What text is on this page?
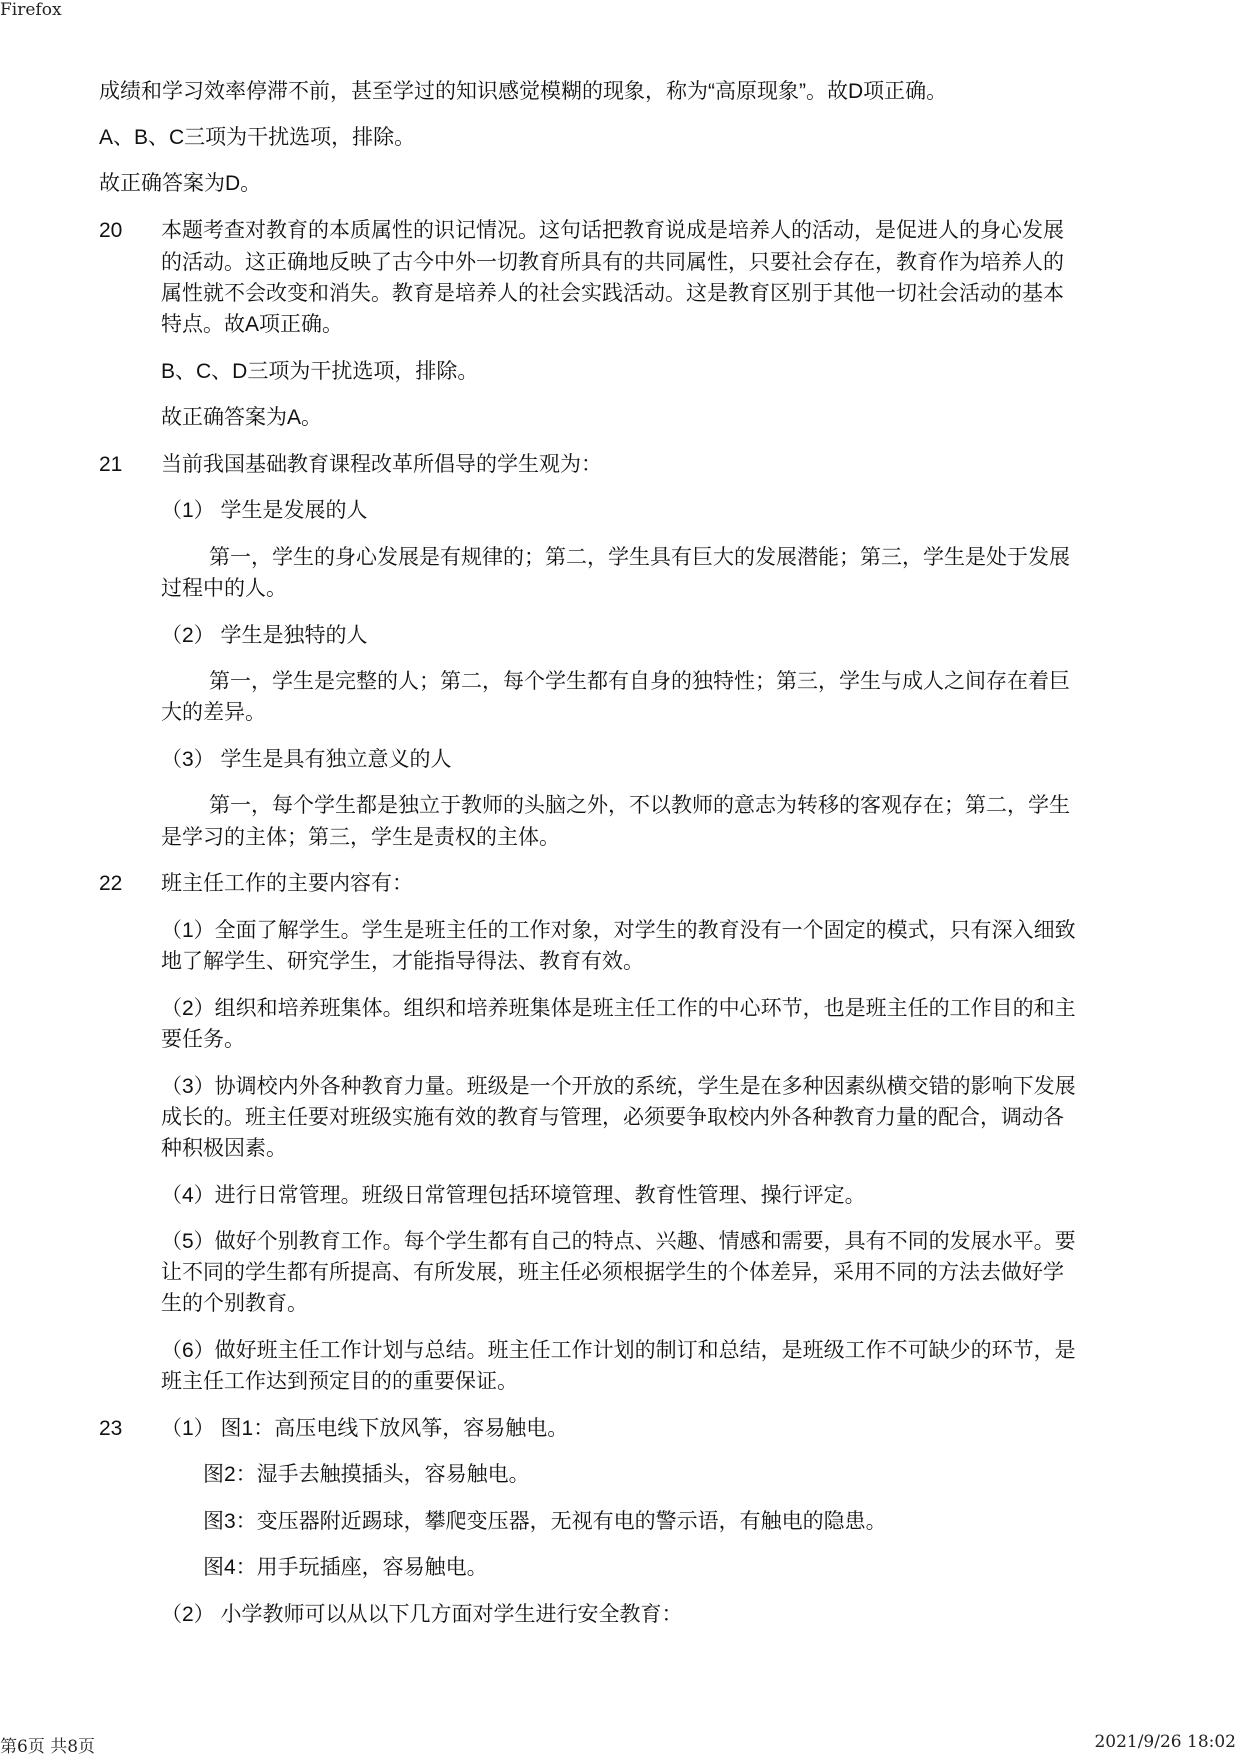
Firefox
成绩和学习效率停滞不前，甚至学过的知识感觉模糊的现象，称为“高原现象”。故D项正确。
A、B、C三项为干扰选项，排除。
故正确答案为D。
20 本题考查对教育的本质属性的识记情况。这句话把教育说成是培养人的活动，是促进人的身心发展
的活动。这正确地反映了古今中外一切教育所具有的共同属性，只要社会存在，教育作为培养人的
属性就不会改变和消失。教育是培养人的社会实践活动。这是教育区别于其他一切社会活动的基本
特点。故A项正确。
B、C、D三项为干扰选项，排除。
故正确答案为A。
21 当前我国基础教育课程改革所倡导的学生观为：
（1） 学生是发展的人
第一，学生的身心发展是有规律的；第二，学生具有巨大的发展潜能；第三，学生是处于发展
过程中的人。
（2） 学生是独特的人
第一，学生是完整的人；第二，每个学生都有自身的独特性；第三，学生与成人之间存在着巨
大的差异。
（3） 学生是具有独立意义的人
第一，每个学生都是独立于教师的头脑之外，不以教师的意志为转移的客观存在；第二，学生
是学习的主体；第三，学生是责权的主体。
22 班主任工作的主要内容有：
（1）全面了解学生。学生是班主任的工作对象，对学生的教育没有一个固定的模式，只有深入细致
地了解学生、研究学生，才能指导得法、教育有效。
（2）组织和培养班集体。组织和培养班集体是班主任工作的中心环节，也是班主任的工作目的和主
要任务。
（3）协调校内外各种教育力量。班级是一个开放的系统，学生是在多种因素纵横交错的影响下发展
成长的。班主任要对班级实施有效的教育与管理，必须要争取校内外各种教育力量的配合，调动各
种积极因素。
（4）进行日常管理。班级日常管理包括环境管理、教育性管理、操行评定。
（5）做好个别教育工作。每个学生都有自己的特点、兴趣、情感和需要，具有不同的发展水平。要
让不同的学生都有所提高、有所发展，班主任必须根据学生的个体差异，采用不同的方法去做好学
生的个别教育。
（6）做好班主任工作计划与总结。班主任工作计划的制订和总结，是班级工作不可缺少的环节，是
班主任工作达到预定目的的重要保证。
23 （1） 图1：高压电线下放风筝，容易触电。
图2：湿手去触摸插头，容易触电。
图3：变压器附近踢球，攀爬变压器，无视有电的警示语，有触电的隐患。
图4：用手玩插座，容易触电。
（2） 小学教师可以从以下几方面对学生进行安全教育：
第6页 共8页	2021/9/26 18:02
